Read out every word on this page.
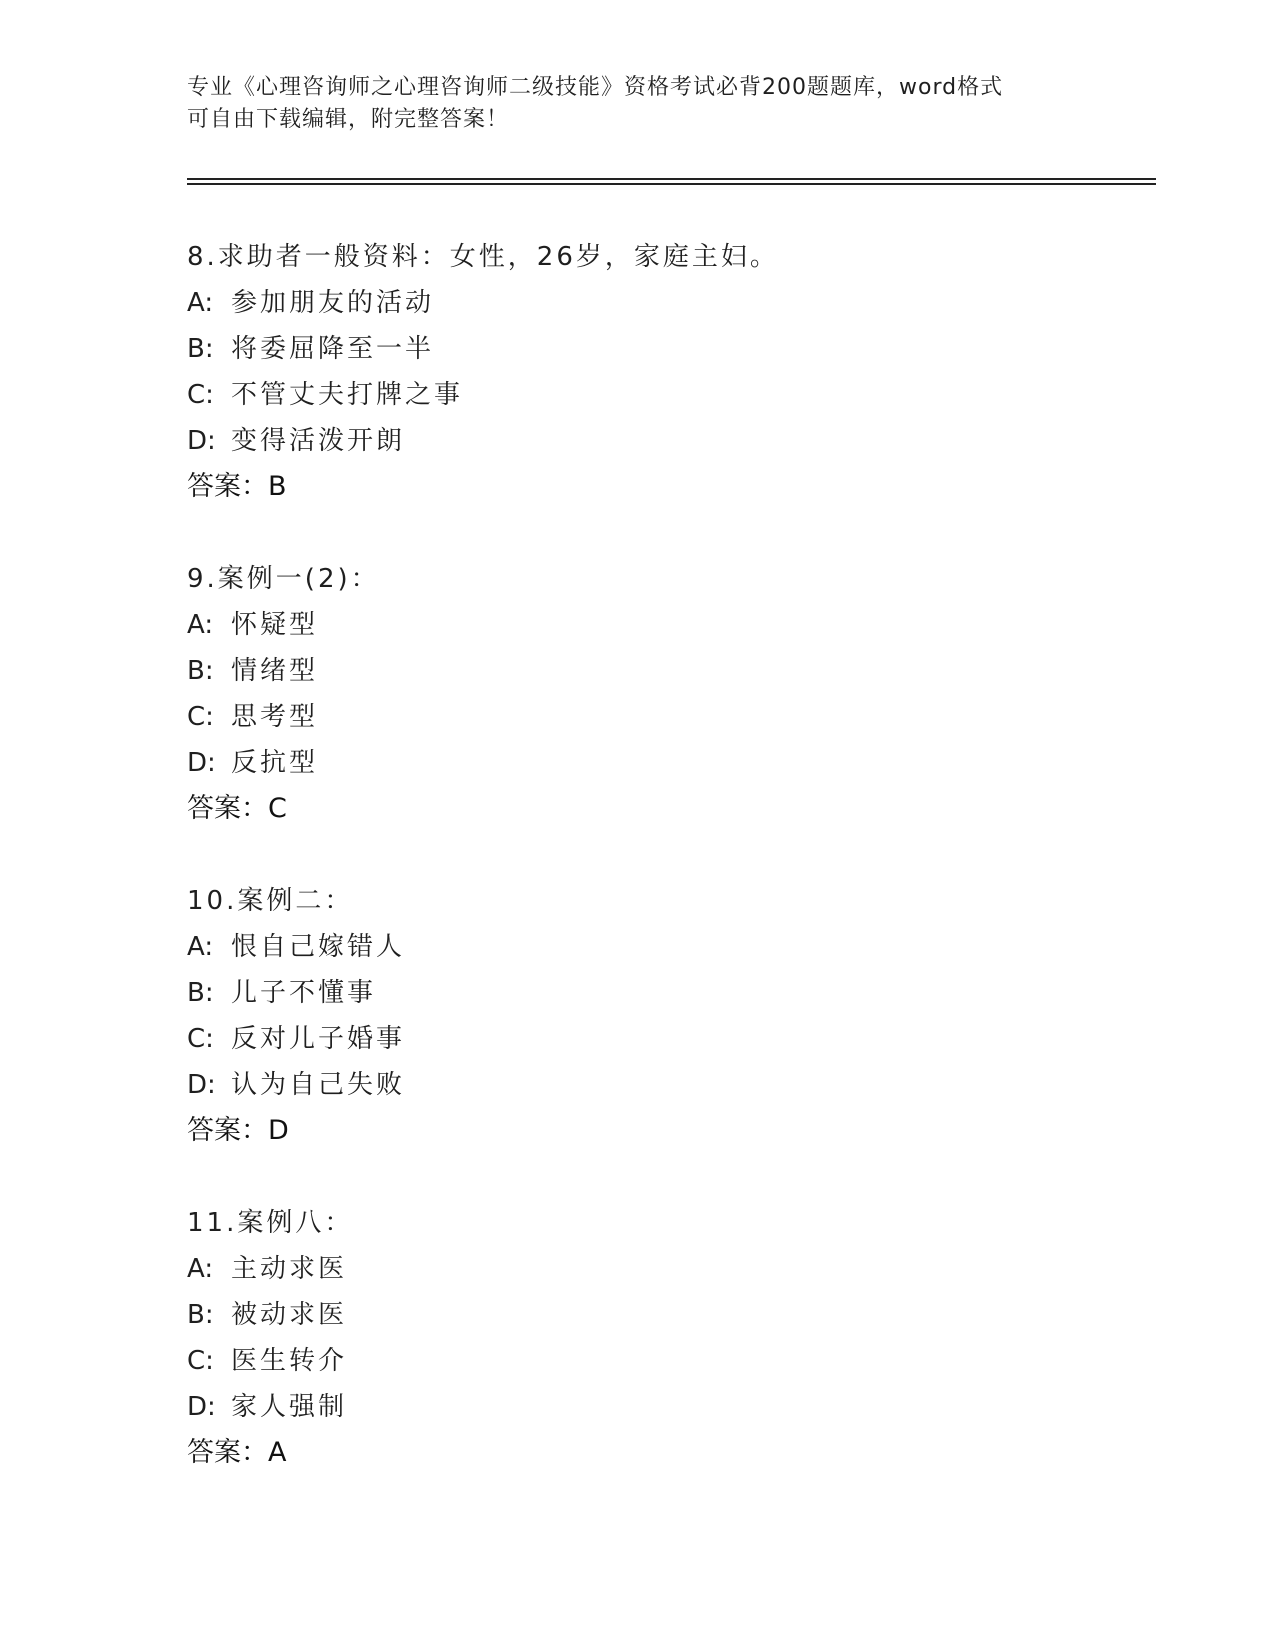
专业《心理咨询师之心理咨询师二级技能》资格考试必背200题题库，word格式
可自由下载编辑，附完整答案！
8.求助者一般资料：女性，26岁，家庭主妇。
A: 参加朋友的活动
B: 将委屈降至一半
C: 不管丈夫打牌之事
D: 变得活泼开朗
答案：B
9.案例一(2)：
A: 怀疑型
B: 情绪型
C: 思考型
D: 反抗型
答案：C
10.案例二：
A: 恨自己嫁错人
B: 儿子不懂事
C: 反对儿子婚事
D: 认为自己失败
答案：D
11.案例八：
A: 主动求医
B: 被动求医
C: 医生转介
D: 家人强制
答案：A
